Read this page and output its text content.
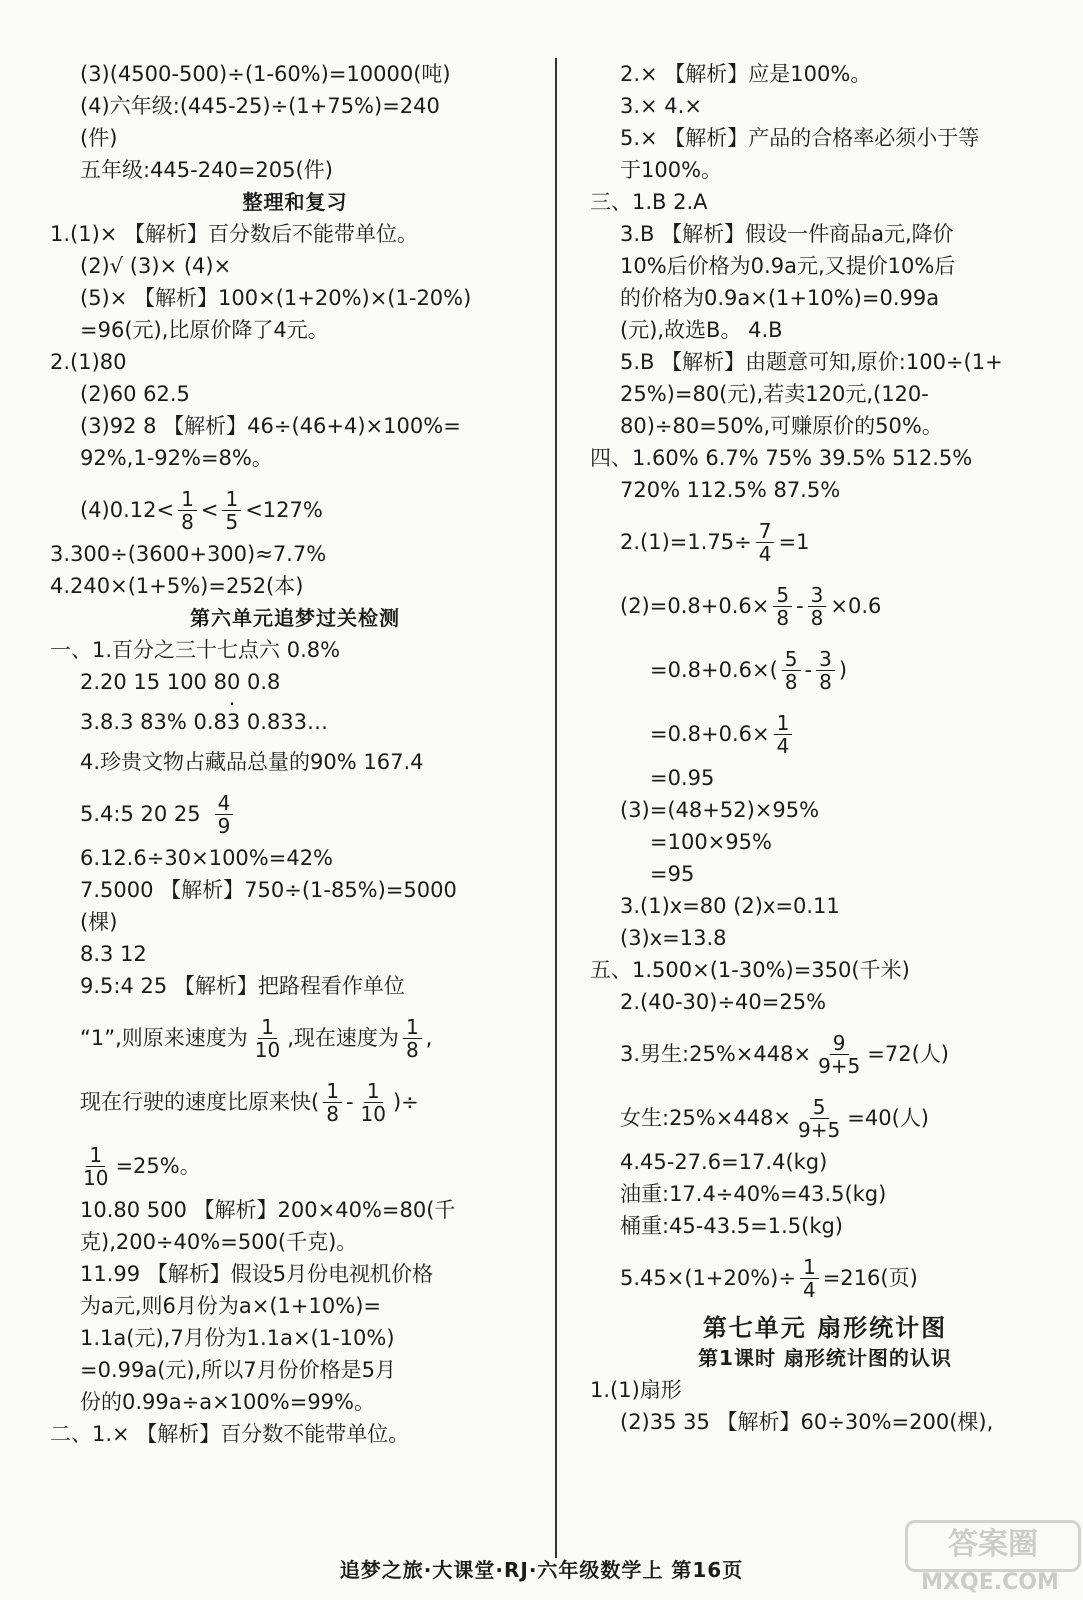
(3)(4500-500)÷(1-60%)=10000(吨)
(4)六年级:(445-25)÷(1+75%)=240
(件)
五年级:445-240=205(件)
整理和复习
1.(1)× 【解析】百分数后不能带单位。
(2)√ (3)× (4)×
(5)× 【解析】100×(1+20%)×(1-20%)
=96(元),比原价降了4元。
2.(1)80
(2)60 62.5
(3)92 8 【解析】46÷(46+4)×100%=
92%,1-92%=8%。
$(4)0.12< \frac{1}{8} < \frac{1}{5} <127\%$
3.300÷(3600+300)≈7.7%
4.240×(1+5%)=252(本)
第六单元追梦过关检测
一、1.百分之三十七点六 0.8%
2.20 15 100 80 0.8
3.8.3 83% 0.8· 3 0.833…
4.珍贵文物占藏品总量的90% 167.4
5.4:5 20 $25 \frac{4}{9}$
6.12.6÷30×100%=42%
7.5000 【解析】750÷(1-85%)=5000
(棵)
8.3 12
9.5:4 25 【解析】把路程看作单位
“1”,则原来速度为 $\frac{1}{10}$ ,现在速度为 $\frac{1}{8}$ ,
现在行驶的速度比原来快( $\frac{1}{8} - \frac{1}{10}$ )÷
$\frac{1}{10} =25\%$。
10.80 500 【解析】200×40%=80(千
克),200÷40%=500(千克)。
11.99 【解析】假设5月份电视机价格
为a元,则6月份为a×(1+10%)=
1.1a(元),7月份为1.1a×(1-10%)
=0.99a(元),所以7月份价格是5月
份的0.99a÷a×100%=99%。
二、1.× 【解析】百分数不能带单位。
2.× 【解析】应是100%。
3.× 4.×
5.× 【解析】产品的合格率必须小于等
于100%。
三、1.B 2.A
3.B 【解析】假设一件商品a元,降价
10%后价格为0.9a元,又提价10%后
的价格为0.9a×(1+10%)=0.99a
(元),故选B。 4.B
5.B 【解析】由题意可知,原价:100÷(1+
25%)=80(元),若卖120元,(120-
80)÷80=50%,可赚原价的50%。
四、1.60% 6.7% 75% 39.5% 512.5%
720% 112.5% 87.5%
$2.(1)=1.75\div \frac{7}{4} =1$
$(2)=0.8+0.6\times \frac{5}{8} - \frac{3}{8} \times 0.6$
$=0.8+0.6\times( \frac{5}{8} - \frac{3}{8}$ )
$=0.8+0.6\times \frac{1}{4}$
=0.95
(3)=(48+52)×95%
=100×95%
=95
3.(1)x=80 (2)x=0.11
(3)x=13.8
五、1.500×(1-30%)=350(千米)
2.(40-30)÷40=25%
3.男生:25%×448× $\frac{9}{9+5} =72$(人)
女生:25%×448× $\frac{5}{9+5} =40$(人)
4.45-27.6=17.4(kg)
油重:17.4÷40%=43.5(kg)
桶重:45-43.5=1.5(kg)
$5.45\times(1+20\%)\div \frac{1}{4} =216$(页)
第七单元 扇形统计图
第1课时 扇形统计图的认识
1.(1)扇形
(2)35 35 【解析】60÷30%=200(棵),
追梦之旅·大课堂·RJ·六年级数学上 第16页
答案圈
MXQE.COM
